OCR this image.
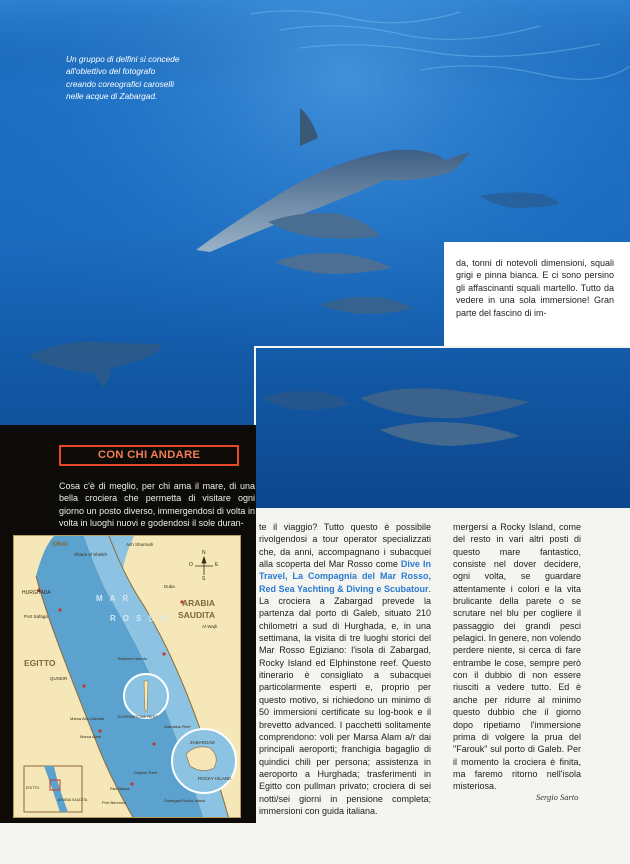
Un gruppo di delfini si concede all'obiettivo del fotografo creando coreografici caroselli nelle acque di Zabargad.

da, tonni di notevoli dimensioni, squali grigi e pinna bianca. E ci sono persino gli affascinanti squali martello. Tutto da vedere in una sola immersione! Gran parte del fascino di im-

CON CHI ANDARE

Cosa c'è di meglio, per chi ama il mare, di una bella crociera che permetta di visitare ogni giorno un posto diverso, immergendosi di volta in volta in luoghi nuovi e godendosi il sole duran-

SINAI
Sharm el Sheikh
Ash Sharmah
Duba
HURGHADA
Port Safaga
MAR
ROSSO
ARABIA
SAUDITA
Al Wajh
EGITTO
QUSEIR
Brothers Islands
ELPHINSTONE REEF
Marsa Abu Dabbab
Marsa Alam
Daedalus Reef
ZABARGAD
ROCKY ISLAND
Dolphin Reef
Ras Banas
Port Berenice	Zabargad Rocky Island
EGITTO
ARABIA SAUDITA
N
E
O
S

te il viaggio? Tutto questo è possibile rivolgendosi a tour operator specializzati che, da anni, accompagnano i subacquei alla scoperta del Mar Rosso come Dive In Travel, La Compagnia del Mar Rosso, Red Sea Yachting & Diving e Scubatour. La crociera a Zabargad prevede la partenza dal porto di Galeb, situato 210 chilometri a sud di Hurghada, e, in una settimana, la visita di tre luoghi storici del Mar Rosso Egiziano: l'isola di Zabargad, Rocky Island ed Elphinstone reef. Questo itinerario è consigliato a subacquei particolarmente esperti e, proprio per questo motivo, si richiedono un minimo di 50 immersioni certificate su log-book e il brevetto advanced. I pacchetti solitamente comprendono: voli per Marsa Alam a/r dai principali aeroporti; franchigia bagaglio di quindici chili per persona; assistenza in aeroporto a Hurghada; trasferimenti in Egitto con pullman privato; crociera di sei notti/sei giorni in pensione completa; immersioni con guida italiana.

mergersi a Rocky Island, come del resto in vari altri posti di questo mare fantastico, consiste nel dover decidere, ogni volta, se guardare attentamente i colori e la vita brulicante della parete o se scrutare nel blu per cogliere il passaggio dei grandi pesci pelagici. In genere, non volendo perdere niente, si cerca di fare entrambe le cose, sempre però con il dubbio di non essere riusciti a vedere tutto. Ed è anche per ridurre al minimo questo dubbio che il giorno dopo ripetiamo l'immersione prima di volgere la prua del "Farouk" sul porto di Galeb. Per il momento la crociera è finita, ma faremo ritorno nell'isola misteriosa.

Sergio Sarto
